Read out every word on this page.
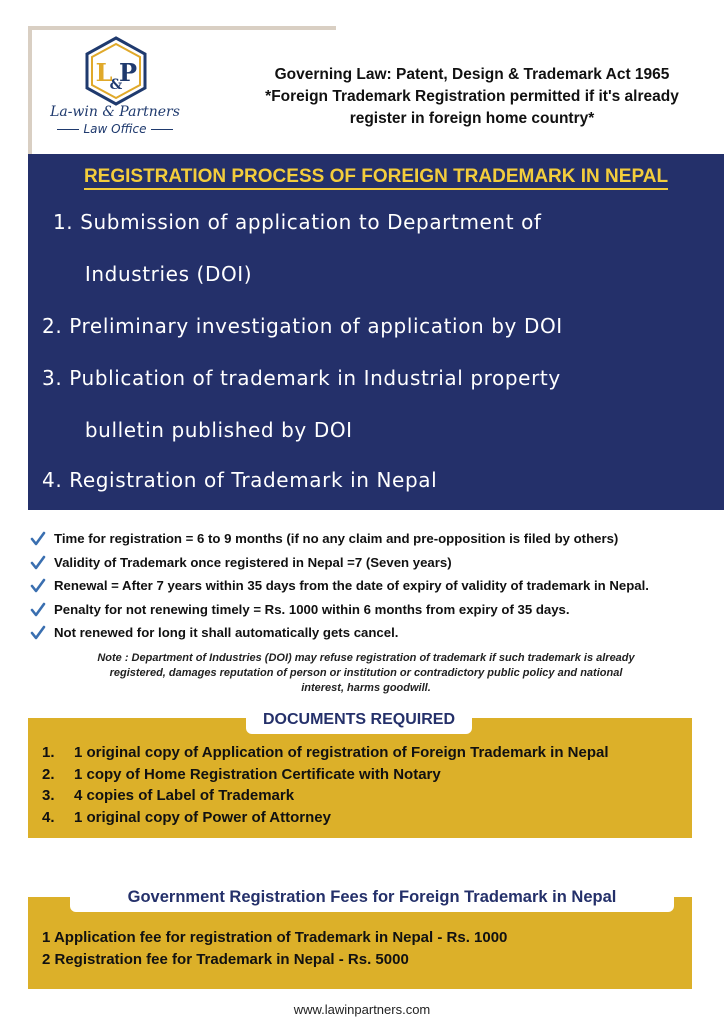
L
&
P
La-win & Partners
Law Office
Governing Law: Patent, Design & Trademark Act 1965
*Foreign Trademark Registration permitted if it's already
register in foreign home country*
REGISTRATION PROCESS OF FOREIGN TRADEMARK IN NEPAL
1. Submission of application to Department of
Industries (DOI)
2. Preliminary investigation of application by DOI
3. Publication of trademark in Industrial property
bulletin published by DOI
4. Registration of Trademark in Nepal
Time for registration = 6 to 9 months (if no any claim and pre-opposition is filed by others)
Validity of Trademark once registered in Nepal =7 (Seven years)
Renewal = After 7 years within 35 days from the date of expiry of validity of trademark in Nepal.
Penalty for not renewing timely = Rs. 1000 within 6 months from expiry of 35 days.
Not renewed for long it shall automatically gets cancel.
Note : Department of Industries (DOI) may refuse registration of trademark if such trademark is already
registered, damages reputation of person or institution or contradictory public policy and national
interest, harms goodwill.
1. 1 original copy of Application of registration of Foreign Trademark in Nepal
2. 1 copy of Home Registration Certificate with Notary
3. 4 copies of Label of Trademark
4. 1 original copy of Power of Attorney
DOCUMENTS REQUIRED
1 Application fee for registration of Trademark in Nepal - Rs. 1000
2 Registration fee for Trademark in Nepal - Rs. 5000
Government Registration Fees for Foreign Trademark in Nepal
www.lawinpartners.com
